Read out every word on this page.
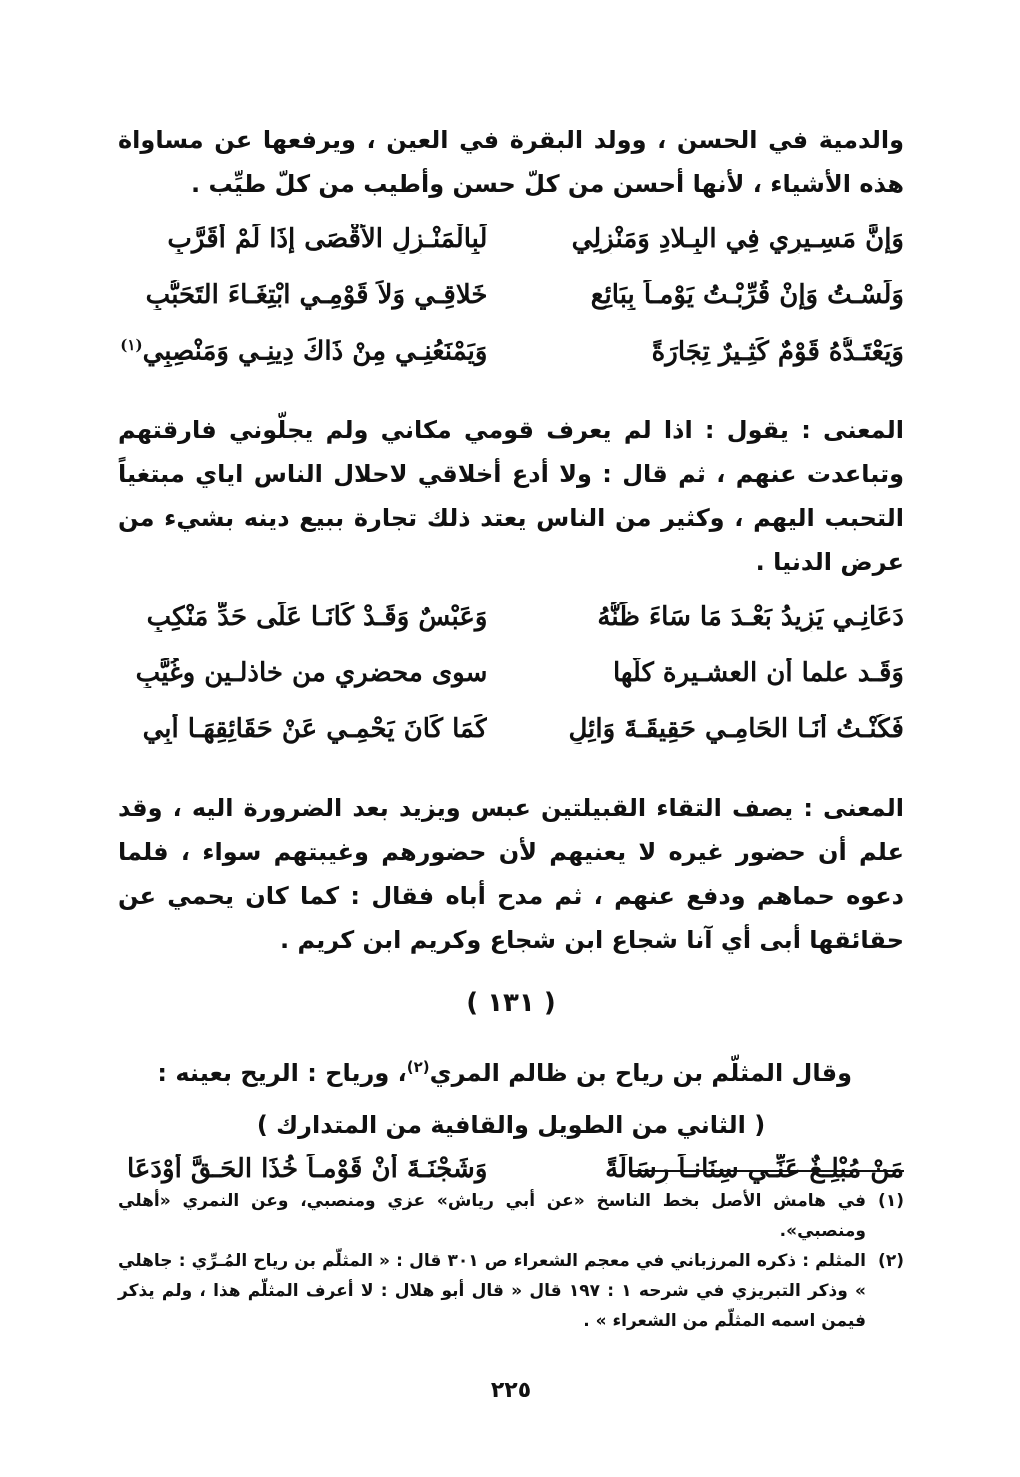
والدمية في الحسن ، وولد البقرة في العين ، ويرفعها عن مساواة هذه الأشياء ، لأنها أحسن من كلّ حسن وأطيب من كلّ طيِّب .

وَإنَّ مَسِـيرِي فِي البِـلادِ وَمَنْزِلِي
لَبِالْمَنْـزِلِ الأَقْصَى إذَا لَمْ أُقَرَّبِ
وَلَسْـتُ وَإنْ قُرِّبْـتُ يَوْمـاً بِبَائِعٍ
خَلاقِـي وَلاَ قَوْمِـي ابْتِغَـاءَ التَحَبُّبِ
وَيَعْتَـدُّهُ قَوْمٌ كَثِـيرٌ تِجَارَةً
وَيَمْنَعُنِـي مِنْ ذَاكَ دِينِـي وَمَنْصِبِي$^{(١)}$

المعنى : يقول : اذا لم يعرف قومي مكاني ولم يجلّوني فارقتهم وتباعدت عنهم ، ثم قال : ولا أدع أخلاقي لاحلال الناس اياي مبتغياً التحبب اليهم ، وكثير من الناس يعتد ذلك تجارة ببيع دينه بشيء من عرض الدنيا .

دَعَانِـي يَزِيدُ بَعْـدَ مَا سَاءَ ظَنُّهُ
وَعَبْسٌ وَقَـدْ كَانَـا عَلَى حَدِّ مَنْكِبِ
وَقَـد علما أن العشـيرة كلّها
سوى محضري من خاذلـين وغُيَّبِ
فَكُنْـتُ أَنَـا الحَامِـي حَقِيقَـةَ وَائِلٍ
كَمَا كَانَ يَحْمِـي عَنْ حَقَائِقِهَـا أَبِي

المعنى : يصف التقاء القبيلتين عبس ويزيد بعد الضرورة اليه ، وقد علم أن حضور غيره لا يعنيهم لأن حضورهم وغيبتهم سواء ، فلما دعوه حماهم ودفع عنهم ، ثم مدح أباه فقال : كما كان يحمي عن حقائقها أبى أي آنا شجاع ابن شجاع وكريم ابن كريم .

( ١٣١ )
وقال المثلّم بن رياح بن ظالم المري$^{(٢)}$، ورياح : الريح بعينه :
( الثاني من الطويل والقافية من المتدارك )
مَنْ مُبْلِـغٌ عَنِّـي سِنَانـاً رِسَالَةً
وَشَجْنَـةَ أَنْ قَوْمـاً خُذَا الحَـقَّ أَوْدَعَا
(١)
في هامش الأصل بخط الناسخ «عن أبي رياش» عزي ومنصبي، وعن النمري «أهلي ومنصبي».
(٢)
المثلم : ذكره المرزباني في معجم الشعراء ص ٣٠١ قال : « المثلّم بن رياح المُـرِّي : جاهلي » وذكر التبريزي في شرحه ١ : ١٩٧ قال « قال أبو هلال : لا أعرف المثلّم هذا ، ولم يذكر فيمن اسمه المثلّم من الشعراء » .
٢٢٥
